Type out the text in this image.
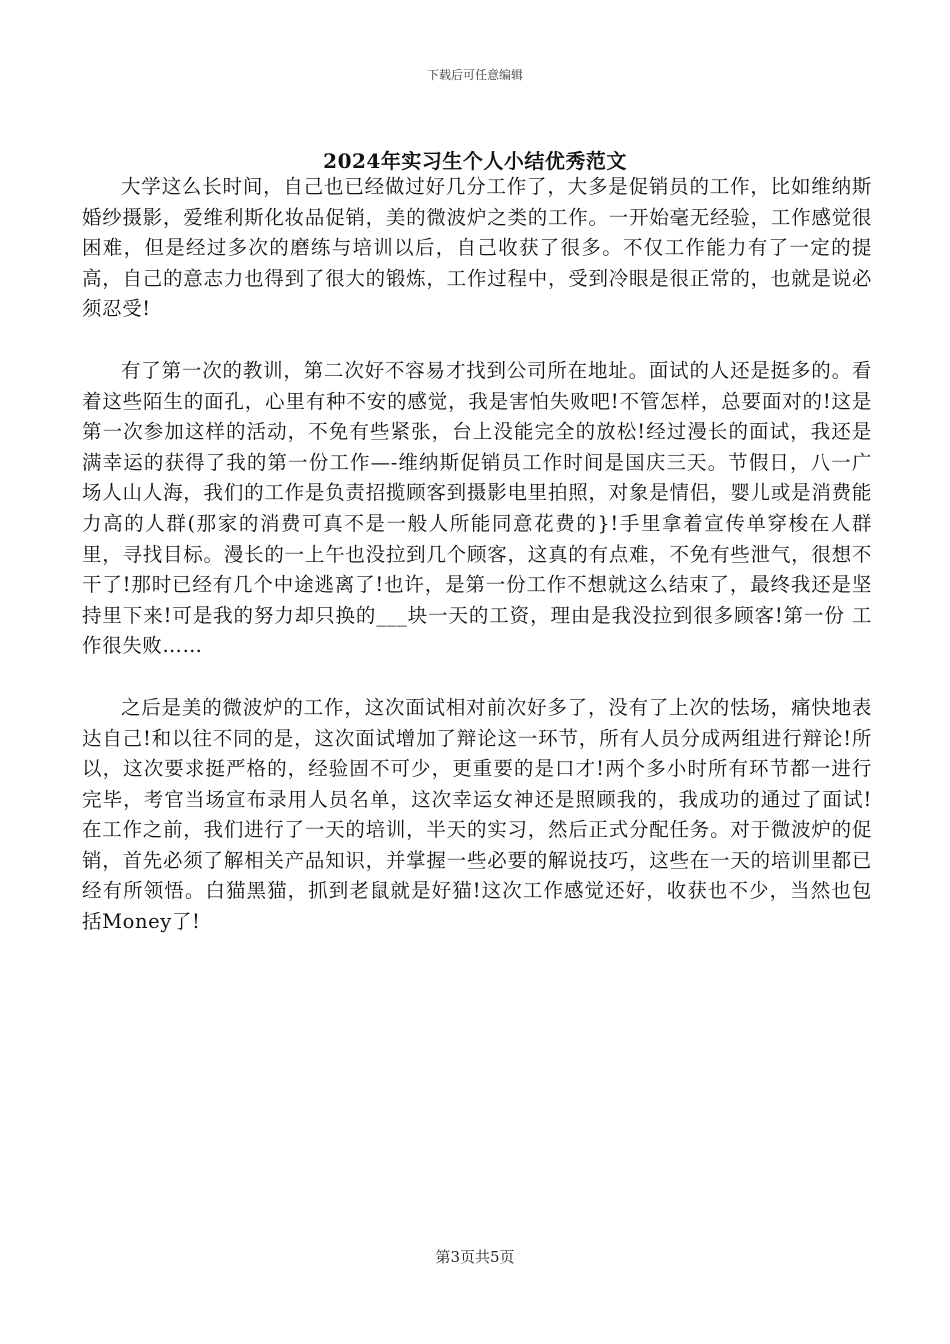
下载后可任意编辑
2024年实习生个人小结优秀范文

大学这么长时间，自己也已经做过好几分工作了，大多是促销员的工作，比如维纳斯婚纱摄影，爱维利斯化妆品促销，美的微波炉之类的工作。一开始毫无经验，工作感觉很困难，但是经过多次的磨练与培训以后，自己收获了很多。不仅工作能力有了一定的提高，自己的意志力也得到了很大的锻炼，工作过程中，受到冷眼是很正常的，也就是说必须忍受!

有了第一次的教训，第二次好不容易才找到公司所在地址。面试的人还是挺多的。看着这些陌生的面孔，心里有种不安的感觉，我是害怕失败吧!不管怎样，总要面对的!这是第一次参加这样的活动，不免有些紧张，台上没能完全的放松!经过漫长的面试，我还是满幸运的获得了我的第一份工作—-维纳斯促销员工作时间是国庆三天。节假日，八一广场人山人海，我们的工作是负责招揽顾客到摄影电里拍照，对象是情侣，婴儿或是消费能力高的人群(那家的消费可真不是一般人所能同意花费的}!手里拿着宣传单穿梭在人群里，寻找目标。漫长的一上午也没拉到几个顾客，这真的有点难，不免有些泄气，很想不干了!那时已经有几个中途逃离了!也许，是第一份工作不想就这么结束了，最终我还是坚持里下来!可是我的努力却只换的___块一天的工资，理由是我没拉到很多顾客!第一份 工作很失败……

之后是美的微波炉的工作，这次面试相对前次好多了，没有了上次的怯场，痛快地表达自己!和以往不同的是，这次面试增加了辩论这一环节，所有人员分成两组进行辩论!所以，这次要求挺严格的，经验固不可少，更重要的是口才!两个多小时所有环节都一进行完毕，考官当场宣布录用人员名单，这次幸运女神还是照顾我的，我成功的通过了面试!在工作之前，我们进行了一天的培训，半天的实习，然后正式分配任务。对于微波炉的促销，首先必须了解相关产品知识，并掌握一些必要的解说技巧，这些在一天的培训里都已经有所领悟。白猫黑猫，抓到老鼠就是好猫!这次工作感觉还好，收获也不少，当然也包括Money了!

第3页共5页
